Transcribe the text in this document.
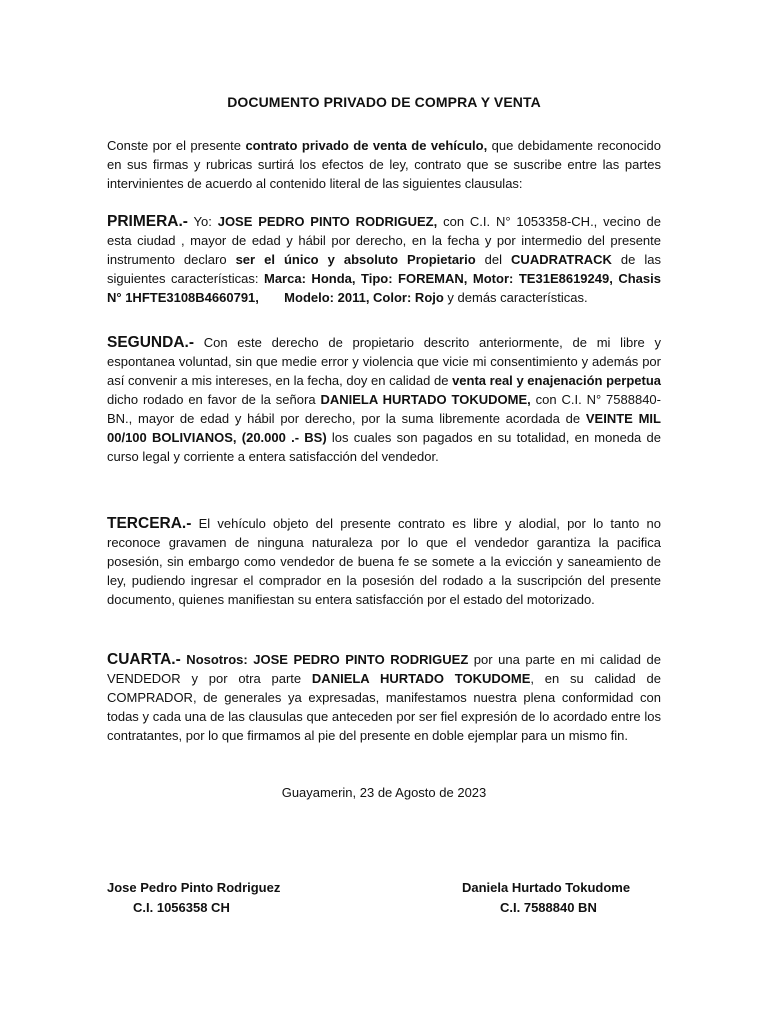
DOCUMENTO PRIVADO DE COMPRA Y VENTA

Conste por el presente contrato privado de venta de vehículo, que debidamente reconocido en sus firmas y rubricas surtirá los efectos de ley, contrato que se suscribe entre las partes intervinientes de acuerdo al contenido literal de las siguientes clausulas:

PRIMERA.- Yo: JOSE PEDRO PINTO RODRIGUEZ, con C.I. N° 1053358-CH., vecino de esta ciudad , mayor de edad y hábil por derecho, en la fecha y por intermedio del presente instrumento declaro ser el único y absoluto Propietario del CUADRATRACK de las siguientes características: Marca: Honda, Tipo: FOREMAN, Motor: TE31E8619249, Chasis N° 1HFTE3108B4660791,       Modelo: 2011, Color: Rojo y demás características.

SEGUNDA.- Con este derecho de propietario descrito anteriormente, de mi libre y espontanea voluntad, sin que medie error y violencia que vicie mi consentimiento y además por así convenir a mis intereses, en la fecha, doy en calidad de venta real y enajenación perpetua dicho rodado en favor de la señora DANIELA HURTADO TOKUDOME, con C.I. N° 7588840-BN., mayor de edad y hábil por derecho, por la suma libremente acordada de VEINTE MIL 00/100 BOLIVIANOS, (20.000 .- BS) los cuales son pagados en su totalidad, en moneda de curso legal y corriente a entera satisfacción del vendedor.

TERCERA.- El vehículo objeto del presente contrato es libre y alodial, por lo tanto no reconoce gravamen de ninguna naturaleza por lo que el vendedor garantiza la pacifica posesión, sin embargo como vendedor de buena fe se somete a la evicción y saneamiento de ley, pudiendo ingresar el comprador en la posesión del rodado a la suscripción del presente documento, quienes manifiestan su entera satisfacción por el estado del motorizado.

CUARTA.- Nosotros: JOSE PEDRO PINTO RODRIGUEZ por una parte en mi calidad de VENDEDOR y por otra parte DANIELA HURTADO TOKUDOME, en su calidad de COMPRADOR, de generales ya expresadas, manifestamos nuestra plena conformidad con todas y cada una de las clausulas que anteceden por ser fiel expresión de lo acordado entre los contratantes, por lo que firmamos al pie del presente en doble ejemplar para un mismo fin.

Guayamerin, 23 de Agosto de 2023
Jose Pedro Pinto Rodriguez
C.I. 1056358 CH
Daniela Hurtado Tokudome
C.I. 7588840 BN
